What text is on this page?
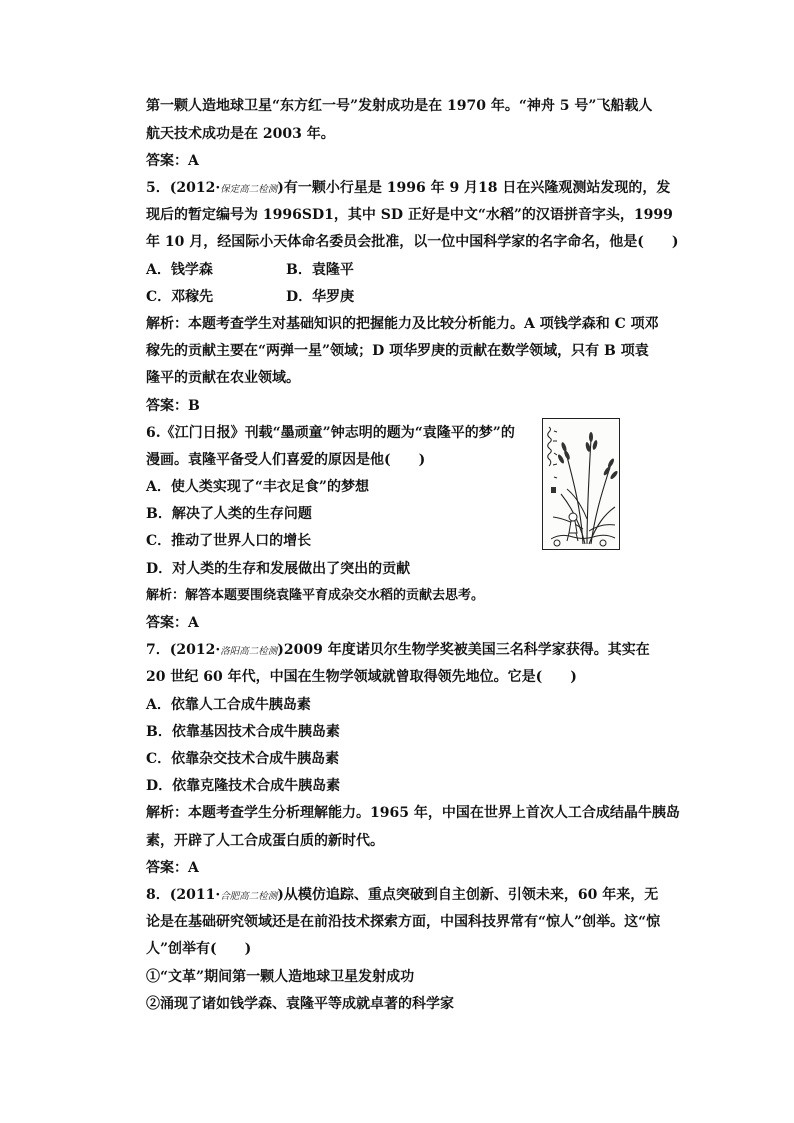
第一颗人造地球卫星“东方红一号”发射成功是在 1970 年。“神舟 5 号”飞船载人
航天技术成功是在 2003 年。
答案：A
5．(2012·保定高二检测)有一颗小行星是 1996 年 9 月18 日在兴隆观测站发现的，发
现后的暂定编号为 1996SD1，其中 SD 正好是中文“水稻”的汉语拼音字头，1999
年 10 月，经国际小天体命名委员会批准，以一位中国科学家的名字命名，他是(　　)
A．钱学森	B．袁隆平
C．邓稼先	D．华罗庚
解析：本题考查学生对基础知识的把握能力及比较分析能力。A 项钱学森和 C 项邓
稼先的贡献主要在“两弹一星”领域；D 项华罗庚的贡献在数学领域，只有 B 项袁
隆平的贡献在农业领域。
答案：B
6.《江门日报》刊载“墨顽童”钟志明的题为“袁隆平的梦”的
漫画。袁隆平备受人们喜爱的原因是他(　　)
A．使人类实现了“丰衣足食”的梦想
B．解决了人类的生存问题
C．推动了世界人口的增长
D．对人类的生存和发展做出了突出的贡献
解析：解答本题要围绕袁隆平育成杂交水稻的贡献去思考。
答案：A
7．(2012·洛阳高二检测)2009 年度诺贝尔生物学奖被美国三名科学家获得。其实在
20 世纪 60 年代，中国在生物学领域就曾取得领先地位。它是(　　)
A．依靠人工合成牛胰岛素
B．依靠基因技术合成牛胰岛素
C．依靠杂交技术合成牛胰岛素
D．依靠克隆技术合成牛胰岛素
解析：本题考查学生分析理解能力。1965 年，中国在世界上首次人工合成结晶牛胰岛
素，开辟了人工合成蛋白质的新时代。
答案：A
8．(2011·合肥高二检测)从模仿追踪、重点突破到自主创新、引领未来，60 年来，无
论是在基础研究领域还是在前沿技术探索方面，中国科技界常有“惊人”创举。这“惊
人”创举有(　　)
①“文革”期间第一颗人造地球卫星发射成功
②涌现了诸如钱学森、袁隆平等成就卓著的科学家
